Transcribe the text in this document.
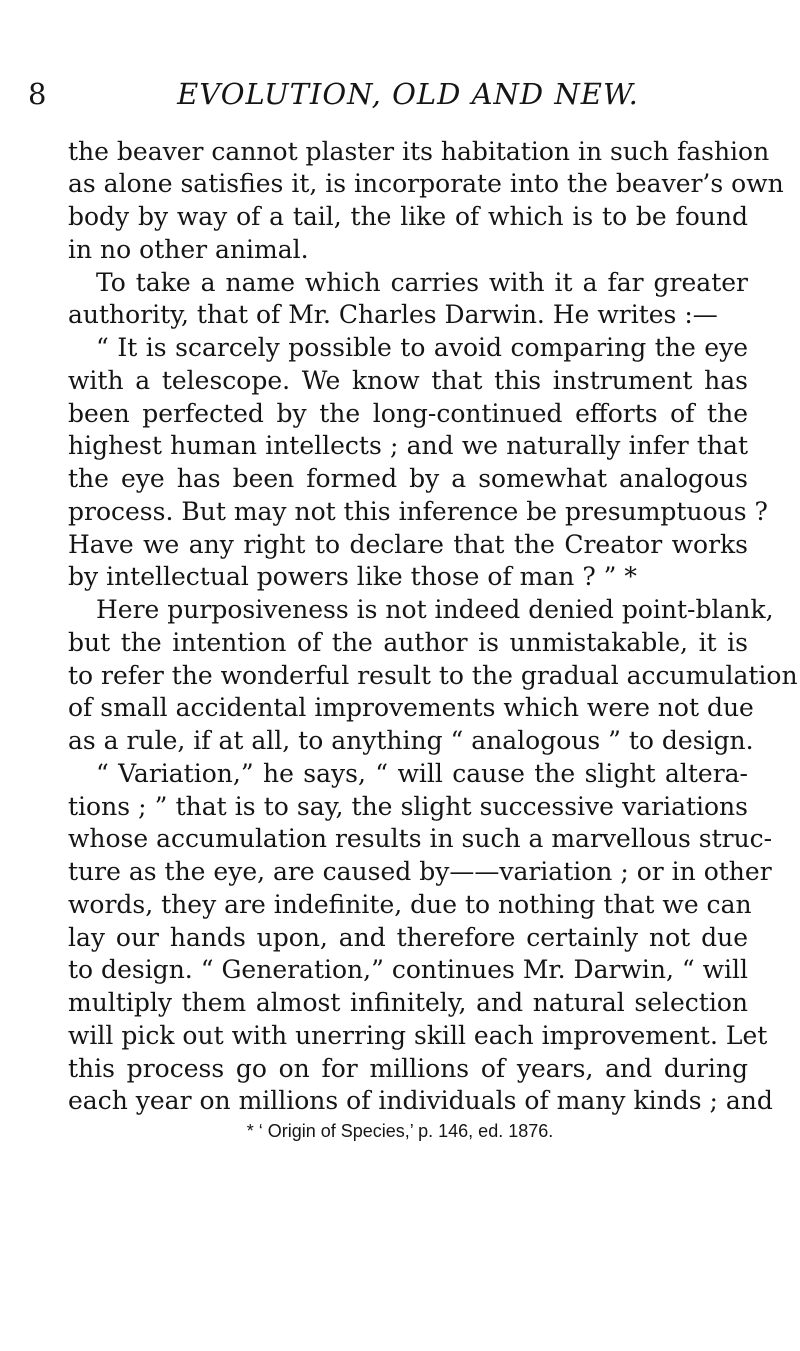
8	EVOLUTION, OLD AND NEW.
the beaver cannot plaster its habitation in such fashion
as alone satisfies it, is incorporate into the beaver’s own
body by way of a tail, the like of which is to be found
in no other animal.
To take a name which carries with it a far greater
authority, that of Mr. Charles Darwin. He writes :—
“ It is scarcely possible to avoid comparing the eye
with a telescope. We know that this instrument has
been perfected by the long-continued efforts of the
highest human intellects ; and we naturally infer that
the eye has been formed by a somewhat analogous
process. But may not this inference be presumptuous ?
Have we any right to declare that the Creator works
by intellectual powers like those of man ? ” *
Here purposiveness is not indeed denied point-blank,
but the intention of the author is unmistakable, it is
to refer the wonderful result to the gradual accumulation
of small accidental improvements which were not due
as a rule, if at all, to anything “ analogous ” to design.
“ Variation,” he says, “ will cause the slight altera-
tions ; ” that is to say, the slight successive variations
whose accumulation results in such a marvellous struc-
ture as the eye, are caused by——variation ; or in other
words, they are indefinite, due to nothing that we can
lay our hands upon, and therefore certainly not due
to design. “ Generation,” continues Mr. Darwin, “ will
multiply them almost infinitely, and natural selection
will pick out with unerring skill each improvement. Let
this process go on for millions of years, and during
each year on millions of individuals of many kinds ; and
* ‘ Origin of Species,’ p. 146, ed. 1876.
